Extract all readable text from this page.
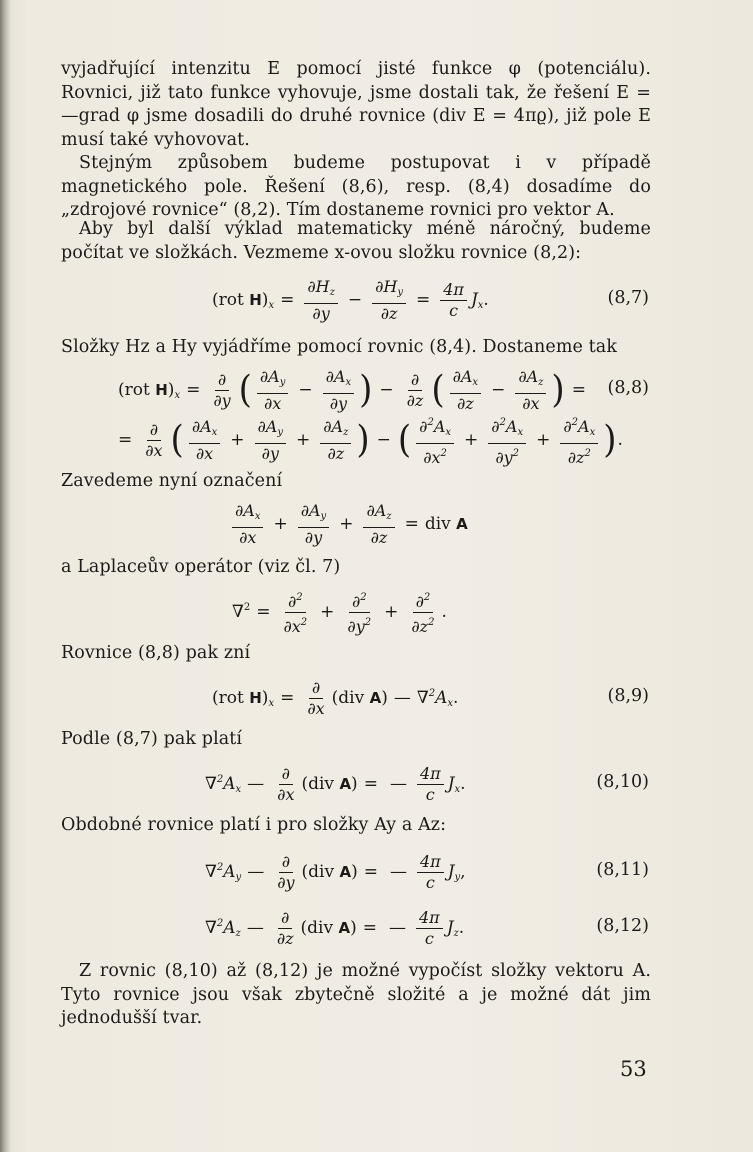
vyjadřující intenzitu E pomocí jisté funkce φ (potenciálu). Rovnici, již tato funkce vyhovuje, jsme dostali tak, že řešení E = —grad φ jsme dosadili do druhé rovnice (div E = 4πϱ), již pole E musí také vyhovovat.

Stejným způsobem budeme postupovat i v případě magnetického pole. Řešení (8,6), resp. (8,4) dosadíme do „zdrojové rovnice“ (8,2). Tím dostaneme rovnici pro vektor A.

Aby byl další výklad matematicky méně náročný, budeme počítat ve složkách. Vezmeme x-ovou složku rovnice (8,2):

(rot $H)_x = \frac{\partial H_z}{\partial y} - \frac{\partial H_y}{\partial z} = \frac{4\pi}{c} J_x$ .	(8,7)

Složky Hz a Hy vyjádříme pomocí rovnic (8,4). Dostaneme tak

(rot $H)_x = \frac{\partial}{\partial y}$ ( $\frac{\partial A_y}{\partial x} - \frac{\partial A_x}{\partial y}$ ) − $\frac{\partial}{\partial z}$ ( $\frac{\partial A_x}{\partial z} - \frac{\partial A_z}{\partial x}$ ) = (8,8)
= $\frac{\partial}{\partial x}$ ( $\frac{\partial A_x}{\partial x} + \frac{\partial A_y}{\partial y} + \frac{\partial A_z}{\partial z}$ ) − ( $\frac{\partial^2A_x}{\partial x^2} + \frac{\partial^2A_x}{\partial y^2} + \frac{\partial^2A_x}{\partial z^2}$ ) .

Zavedeme nyní označení

$\frac{\partial A_x}{\partial x} + \frac{\partial A_y}{\partial y} + \frac{\partial A_z}{\partial z}$ = div A

a Laplaceův operátor (viz čl. 7)

$\nabla^2 = \frac{\partial^2}{\partial x^2} + \frac{\partial^2}{\partial y^2} + \frac{\partial^2}{\partial z^2}$ .

Rovnice (8,8) pak zní

(rot $H)_x = \frac{\partial}{\partial x} (div$ A) — $\nabla^2A_x$ .	(8,9)

Podle (8,7) pak platí

$\nabla^2A_x$ — $\frac{\partial}{\partial x} (div$ A) = — $\frac{4\pi}{c} J_x$ .	(8,10)

Obdobné rovnice platí i pro složky Ay a Az:

$\nabla^2A_y$ — $\frac{\partial}{\partial y} (div$ A) = — $\frac{4\pi}{c} J_y$ ,	(8,11)
$\nabla^2A_z$ — $\frac{\partial}{\partial z} (div$ A) = — $\frac{4\pi}{c} J_z$ .	(8,12)

Z rovnic (8,10) až (8,12) je možné vypočíst složky vektoru A. Tyto rovnice jsou však zbytečně složité a je možné dát jim jednodušší tvar.

53
